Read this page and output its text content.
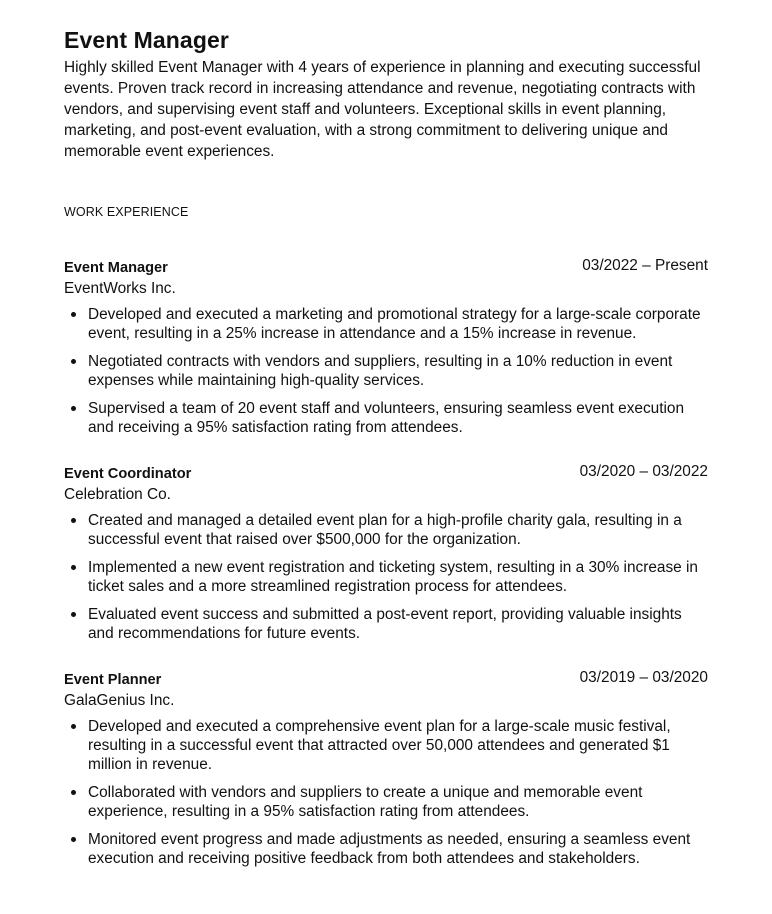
Event Manager

Highly skilled Event Manager with 4 years of experience in planning and executing successful events. Proven track record in increasing attendance and revenue, negotiating contracts with vendors, and supervising event staff and volunteers. Exceptional skills in event planning, marketing, and post-event evaluation, with a strong commitment to delivering unique and memorable event experiences.

WORK EXPERIENCE
Event Manager	03/2022 – Present
EventWorks Inc.
Developed and executed a marketing and promotional strategy for a large-scale corporate event, resulting in a 25% increase in attendance and a 15% increase in revenue.
Negotiated contracts with vendors and suppliers, resulting in a 10% reduction in event expenses while maintaining high-quality services.
Supervised a team of 20 event staff and volunteers, ensuring seamless event execution and receiving a 95% satisfaction rating from attendees.
Event Coordinator	03/2020 – 03/2022
Celebration Co.
Created and managed a detailed event plan for a high-profile charity gala, resulting in a successful event that raised over $500,000 for the organization.
Implemented a new event registration and ticketing system, resulting in a 30% increase in ticket sales and a more streamlined registration process for attendees.
Evaluated event success and submitted a post-event report, providing valuable insights and recommendations for future events.
Event Planner	03/2019 – 03/2020
GalaGenius Inc.
Developed and executed a comprehensive event plan for a large-scale music festival, resulting in a successful event that attracted over 50,000 attendees and generated $1 million in revenue.
Collaborated with vendors and suppliers to create a unique and memorable event experience, resulting in a 95% satisfaction rating from attendees.
Monitored event progress and made adjustments as needed, ensuring a seamless event execution and receiving positive feedback from both attendees and stakeholders.
